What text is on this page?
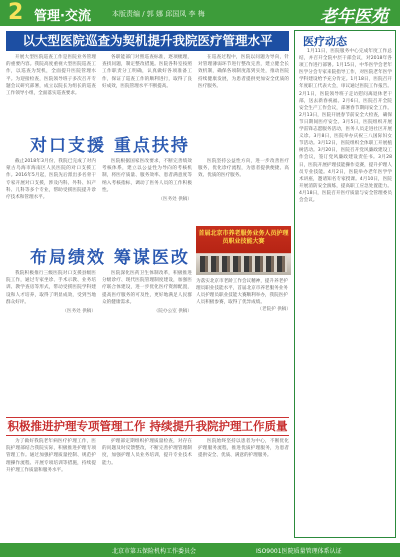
2 管理·交流	本版责编 / 郭 娜 邱国凤 李 梅	老年医苑
以大型医院巡查为契机提升我院医疗管理水平

开展大型医院巡查工作是医院业务管理的重要内容。我院高度重视大型医院巡查工作，以巡查为契机，全面提升医院管理水平。为迎接检查，医院领导班子多次召开专题会议研究部署，成立以院长为组长的巡查工作领导小组，全面落实巡查要求。

各职能部门对照巡查标准，逐项梳理，查找问题，制定整改措施。医院各科室按照工作职责分工明确，认真做好各项准备工作，保证了巡查工作的顺利进行，取得了良好成效，医院管理水平不断提高。

在巡查过程中，医院以问题为导向，针对管理薄弱环节进行整改完善，建立健全长效机制，确保各项制度落到实处，推动医院持续健康发展，为患者提供更加安全优质的医疗服务。

对口支援 重点扶持

截止2018年3月份，我院已完成了对内蒙古乌海市海南区人民医院的对口支援工作。2016年5月起，医院先后派出多名骨干专家开展对口支援，涉及内科、外科、妇产科、儿科等多个专业，帮助受援医院提升诊疗技术和管理水平。

医院根据国家医改要求，不断完善绩效考核体系，建立以公益性为导向的考核机制，将医疗质量、服务效率、患者满意度等纳入考核指标，调动了医务人员的工作积极性。

（医务处 供稿）

医院坚持公益性方向，进一步改善医疗服务，优化诊疗流程，为患者提供便捷、高效、优质的医疗服务。

布局绩效 筹谋医改

我院积极推行三级医院对口支援县级医院工作，通过专家坐诊、手术示教、业务培训、教学查房等形式，带动受援医院学科建设和人才培养，取得了明显成效，受到当地群众好评。

（医务处 供稿）

医院深化医药卫生体制改革，积极推进分级诊疗、现代医院管理制度建设，加强医疗联合体建设，进一步优化医疗资源配置，提高医疗服务的可及性，更好地满足人民群众的健康需求。

（院办公室 供稿）

首届北京市养老服务业务人员护理员职业技能大赛
为落实北京市老龄工作会议精神，提升养老护理员职业技能水平，首届北京市养老服务业务人员护理员职业技能大赛顺利举办，我院医护人员积极参赛，取得了优异成绩。
（老院护 供稿）
积极推进护理专项管理工作 持续提升我院护理工作质量

为了做好我院老年病医疗护理工作，医院护理部结合我院实际，积极推进护理专项管理工作。通过加强护理质量控制、规范护理操作流程、开展专项培训等措施，持续提升护理工作质量和服务水平。

护理部定期组织护理质量检查，对存在的问题及时反馈整改，不断完善护理管理制度，加强护理人员业务培训，提升专业技术能力。

医院始终坚持以患者为中心，不断优化护理服务流程，推进优质护理服务，为患者提供安全、优质、满意的护理服务。

医疗动态

1月11日，医院服务中心完成年度工作总结，并召开全院中层干部会议，对2018年各项工作进行部署。1月15日，中华医学会老年医学分会专家来院指导工作，对医院老年医学学科建设给予充分肯定。1月18日，医院召开年度职工代表大会，审议通过医院工作报告。2月1日，医院领导班子走访慰问离退休老干部，送去新春祝福。2月6日，医院召开全院安全生产工作会议，部署春节期间安全工作。2月13日，医院开展春节前安全大检查，确保节日期间医疗安全。3月5日，医院组织开展学雷锋志愿服务活动，医务人员走进社区开展义诊。3月8日，医院举办庆祝三八国际妇女节活动。3月12日，医院组织全体职工开展植树活动。3月20日，医院召开党风廉政建设工作会议，签订党风廉政建设责任书。3月28日，医院开展护理技能操作竞赛，提升护理人员专业技能。4月2日，医院举办老年医学学术讲座，邀请知名专家授课。4月10日，医院开展消防安全演练，提高职工应急处置能力。4月18日，医院召开医疗质量与安全管理委员会会议。

北京市第五保险机构工作委员会	ISO9001医院质量管理体系认证
